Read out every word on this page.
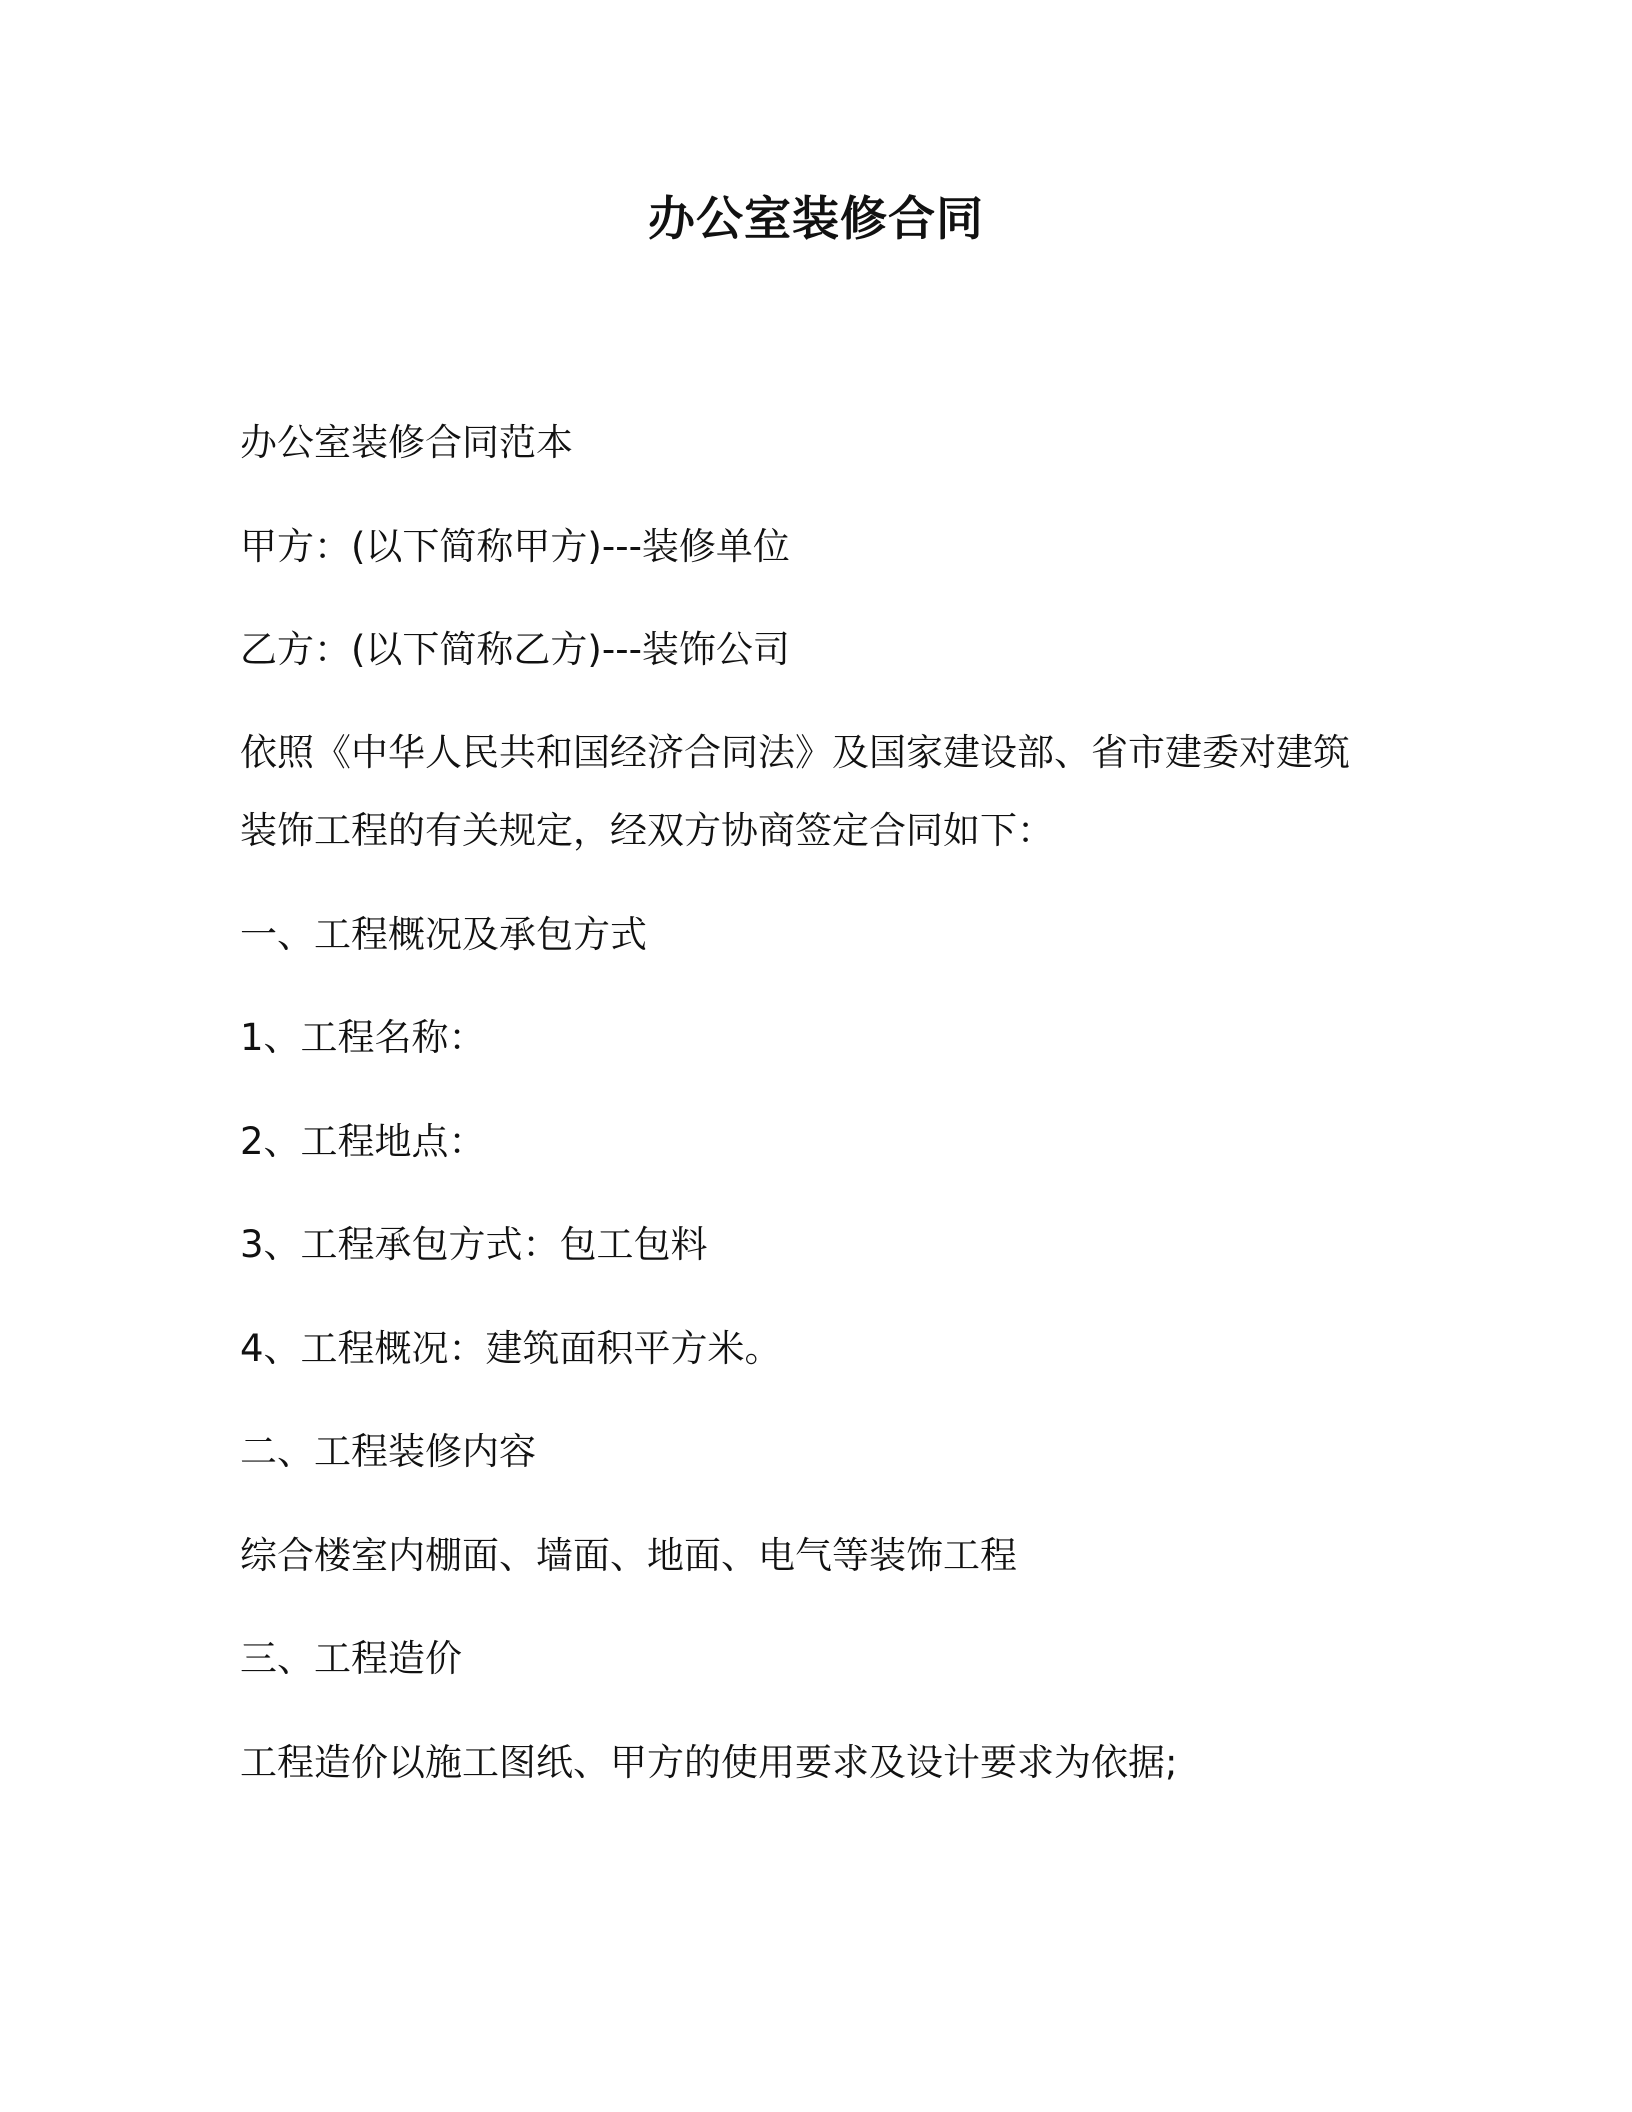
办公室装修合同
办公室装修合同范本
甲方：(以下简称甲方)---装修单位
乙方：(以下简称乙方)---装饰公司
依照《中华人民共和国经济合同法》及国家建设部、省市建委对建筑
装饰工程的有关规定，经双方协商签定合同如下：
一、工程概况及承包方式
1、工程名称：
2、工程地点：
3、工程承包方式：包工包料
4、工程概况：建筑面积平方米。
二、工程装修内容
综合楼室内棚面、墙面、地面、电气等装饰工程
三、工程造价
工程造价以施工图纸、甲方的使用要求及设计要求为依据;
